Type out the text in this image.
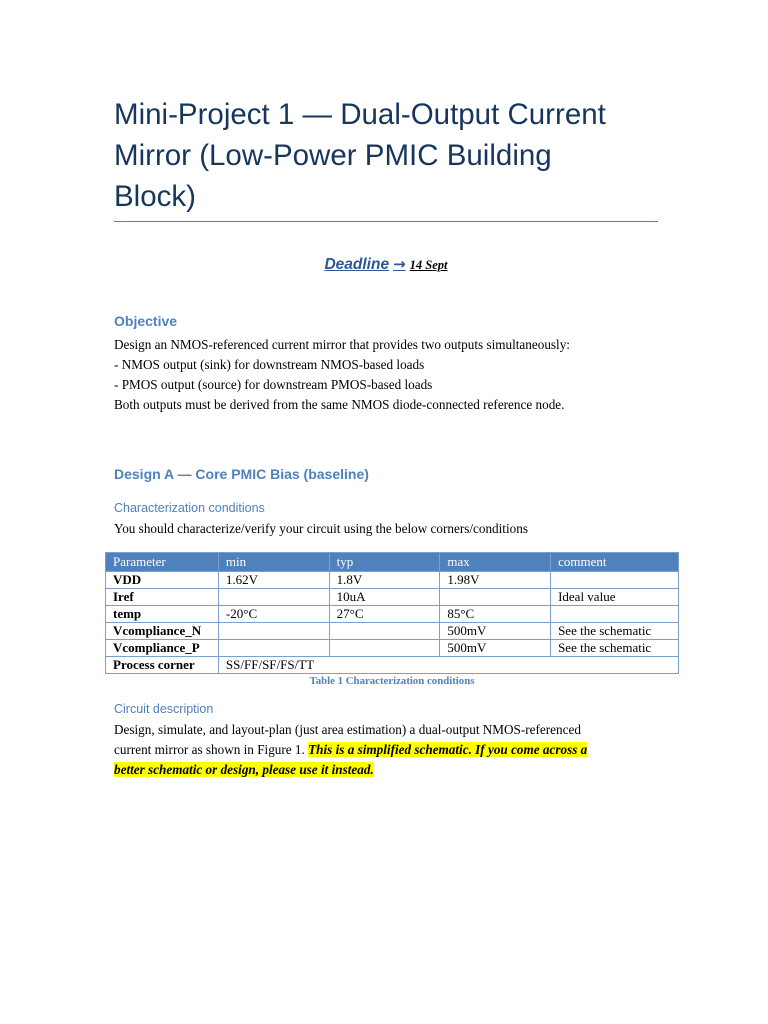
Mini-Project 1 — Dual-Output Current
Mirror (Low-Power PMIC Building
Block)
Deadline → 14 Sept
Objective
Design an NMOS-referenced current mirror that provides two outputs simultaneously:
- NMOS output (sink) for downstream NMOS-based loads
- PMOS output (source) for downstream PMOS-based loads
Both outputs must be derived from the same NMOS diode-connected reference node.
Design A — Core PMIC Bias (baseline)
Characterization conditions
You should characterize/verify your circuit using the below corners/conditions
Circuit description
Design, simulate, and layout-plan (just area estimation) a dual-output NMOS-referenced
current mirror as shown in Figure 1. This is a simplified schematic. If you come across a
better schematic or design, please use it instead.
Parameter	min	typ	max	comment
VDD	1.62V	1.8V	1.98V	
Iref		10uA		Ideal value
temp	-20°C	27°C	85°C	
Vcompliance_N			500mV	See the schematic
Vcompliance_P			500mV	See the schematic
Process corner	SS/FF/SF/FS/TT			
Table 1 Characterization conditions
